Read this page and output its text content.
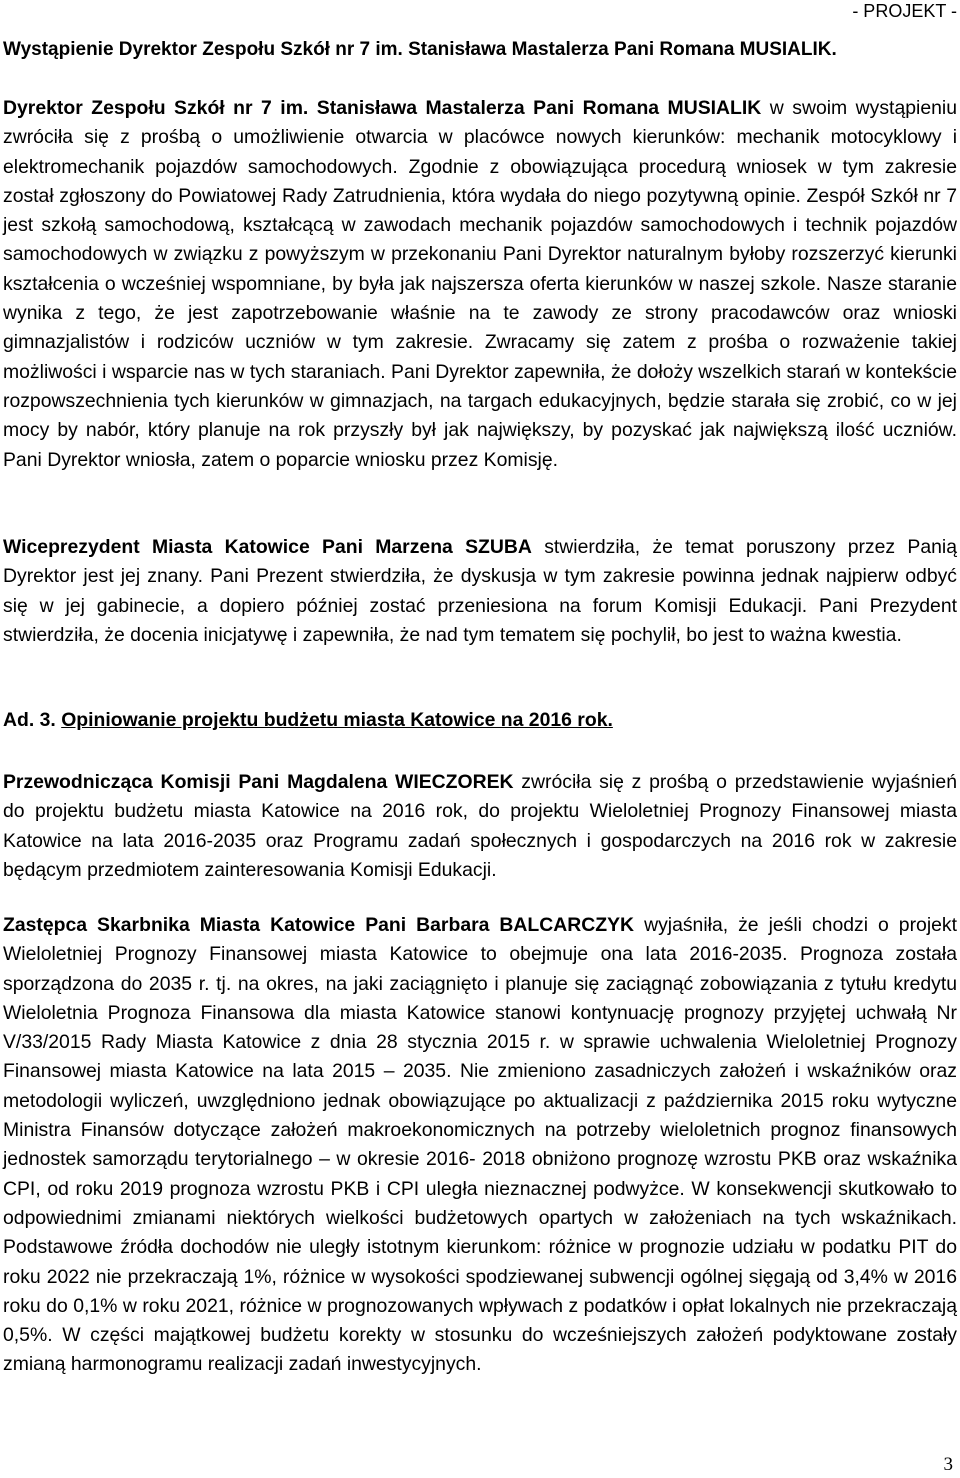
- PROJEKT -
Wystąpienie Dyrektor Zespołu Szkół nr 7 im. Stanisława Mastalerza Pani Romana MUSIALIK.

Dyrektor Zespołu Szkół nr 7 im. Stanisława Mastalerza Pani Romana MUSIALIK w swoim wystąpieniu zwróciła się z prośbą o umożliwienie otwarcia w placówce nowych kierunków: mechanik motocyklowy i elektromechanik pojazdów samochodowych. Zgodnie z obowiązująca procedurą wniosek w tym zakresie został zgłoszony do Powiatowej Rady Zatrudnienia, która wydała do niego pozytywną opinie. Zespół Szkół nr 7 jest szkołą samochodową, kształcącą w zawodach mechanik pojazdów samochodowych i technik pojazdów samochodowych w związku z powyższym w przekonaniu Pani Dyrektor naturalnym byłoby rozszerzyć kierunki kształcenia o wcześniej wspomniane, by była jak najszersza oferta kierunków w naszej szkole. Nasze staranie wynika z tego, że jest zapotrzebowanie właśnie na te zawody ze strony pracodawców oraz wnioski gimnazjalistów i rodziców uczniów w tym zakresie. Zwracamy się zatem z prośba o rozważenie takiej możliwości i wsparcie nas w tych staraniach. Pani Dyrektor zapewniła, że dołoży wszelkich starań w kontekście rozpowszechnienia tych kierunków w gimnazjach, na targach edukacyjnych, będzie starała się zrobić, co w jej mocy by nabór, który planuje na rok przyszły był jak największy, by pozyskać jak największą ilość uczniów. Pani Dyrektor wniosła, zatem o poparcie wniosku przez Komisję.

Wiceprezydent Miasta Katowice Pani Marzena SZUBA stwierdziła, że temat poruszony przez Panią Dyrektor jest jej znany. Pani Prezent stwierdziła, że dyskusja w tym zakresie powinna jednak najpierw odbyć się w jej gabinecie, a dopiero później zostać przeniesiona na forum Komisji Edukacji. Pani Prezydent stwierdziła, że docenia inicjatywę i zapewniła, że nad tym tematem się pochylił, bo jest to ważna kwestia.

Ad. 3. Opiniowanie projektu budżetu miasta Katowice na 2016 rok.

Przewodnicząca Komisji Pani Magdalena WIECZOREK zwróciła się z prośbą o przedstawienie wyjaśnień do projektu budżetu miasta Katowice na 2016 rok, do projektu Wieloletniej Prognozy Finansowej miasta Katowice na lata 2016-2035 oraz Programu zadań społecznych i gospodarczych na 2016 rok w zakresie będącym przedmiotem zainteresowania Komisji Edukacji.

Zastępca Skarbnika Miasta Katowice Pani Barbara BALCARCZYK wyjaśniła, że jeśli chodzi o projekt Wieloletniej Prognozy Finansowej miasta Katowice to obejmuje ona lata 2016-2035. Prognoza została sporządzona do 2035 r. tj. na okres, na jaki zaciągnięto i planuje się zaciągnąć zobowiązania z tytułu kredytu Wieloletnia Prognoza Finansowa dla miasta Katowice stanowi kontynuację prognozy przyjętej uchwałą Nr V/33/2015 Rady Miasta Katowice z dnia 28 stycznia 2015 r. w sprawie uchwalenia Wieloletniej Prognozy Finansowej miasta Katowice na lata 2015 – 2035. Nie zmieniono zasadniczych założeń i wskaźników oraz metodologii wyliczeń, uwzględniono jednak obowiązujące po aktualizacji z października 2015 roku wytyczne Ministra Finansów dotyczące założeń makroekonomicznych na potrzeby wieloletnich prognoz finansowych jednostek samorządu terytorialnego – w okresie 2016- 2018 obniżono prognozę wzrostu PKB oraz wskaźnika CPI, od roku 2019 prognoza wzrostu PKB i CPI uległa nieznacznej podwyżce. W konsekwencji skutkowało to odpowiednimi zmianami niektórych wielkości budżetowych opartych w założeniach na tych wskaźnikach. Podstawowe źródła dochodów nie uległy istotnym kierunkom: różnice w prognozie udziału w podatku PIT do roku 2022 nie przekraczają 1%, różnice w wysokości spodziewanej subwencji ogólnej sięgają od 3,4% w 2016 roku do 0,1% w roku 2021, różnice w prognozowanych wpływach z podatków i opłat lokalnych nie przekraczają 0,5%. W części majątkowej budżetu korekty w stosunku do wcześniejszych założeń podyktowane zostały zmianą harmonogramu realizacji zadań inwestycyjnych.

3
